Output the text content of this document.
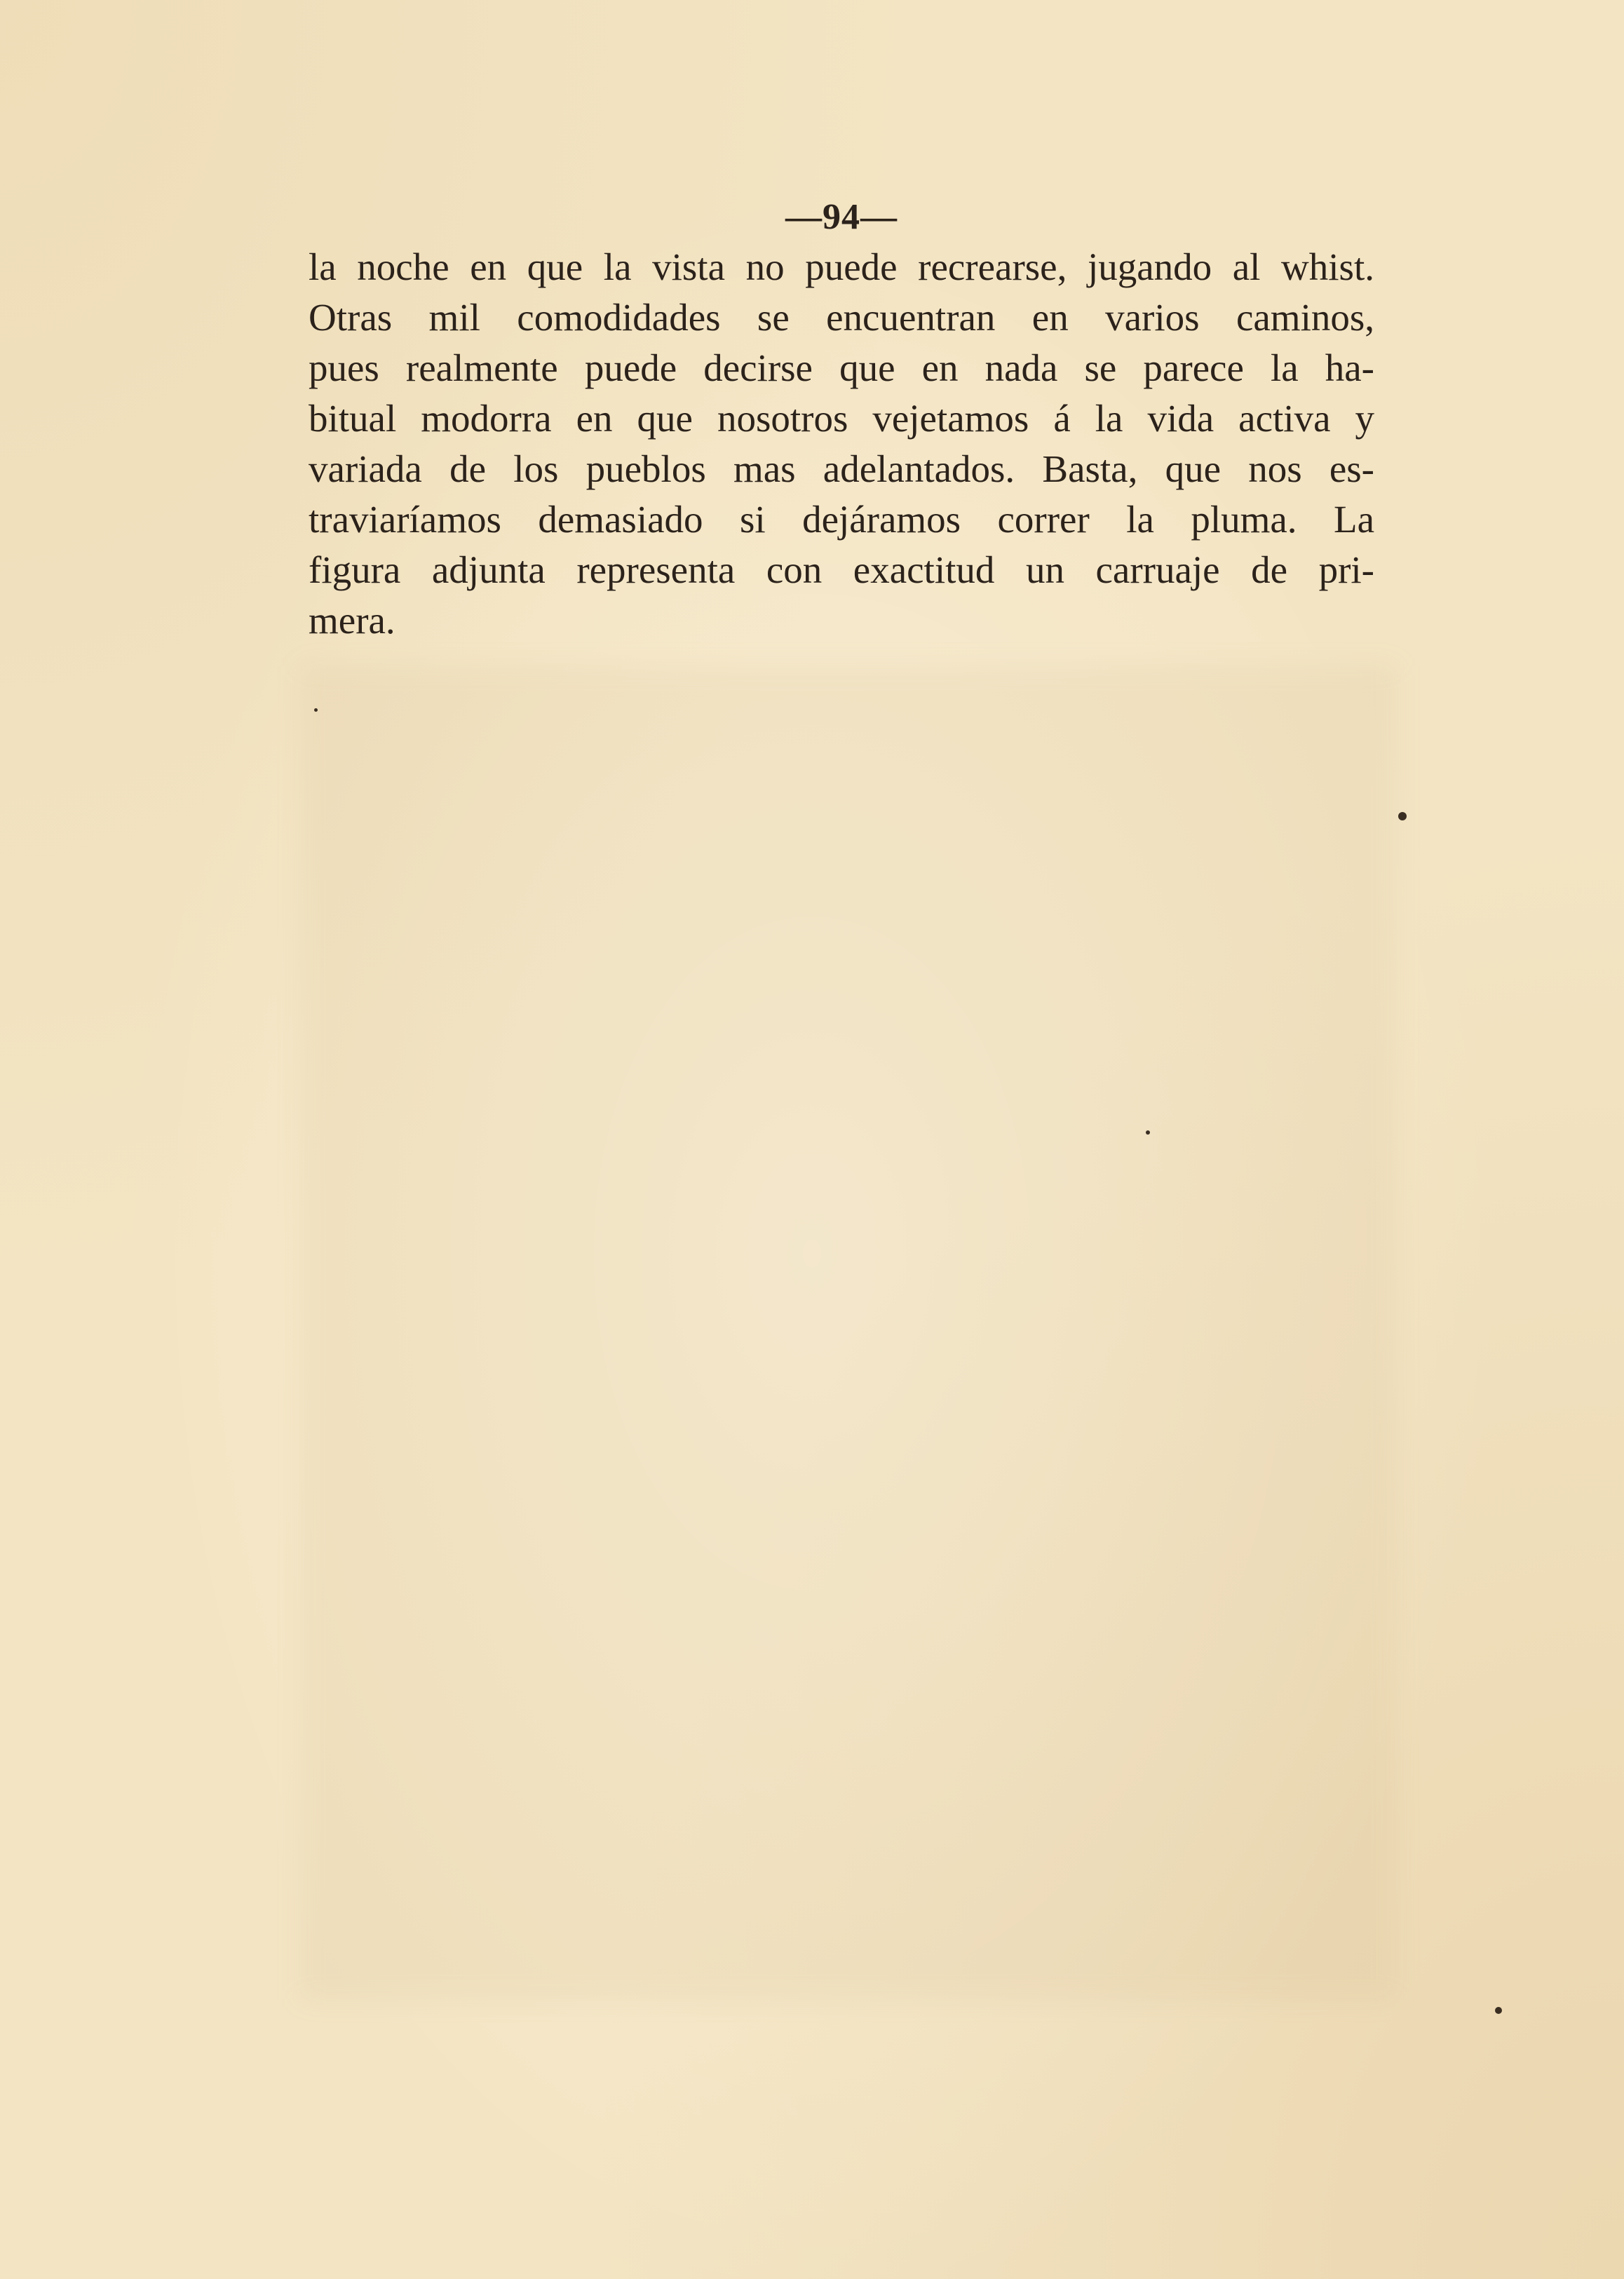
—94—
la noche en que la vista no puede recrearse, jugando al whist.
Otras mil comodidades se encuentran en varios caminos,
pues realmente puede decirse que en nada se parece la ha-
bitual modorra en que nosotros vejetamos á la vida activa y
variada de los pueblos mas adelantados. Basta, que nos es-
traviaríamos demasiado si dejáramos correr la pluma. La
figura adjunta representa con exactitud un carruaje de pri-
mera.
